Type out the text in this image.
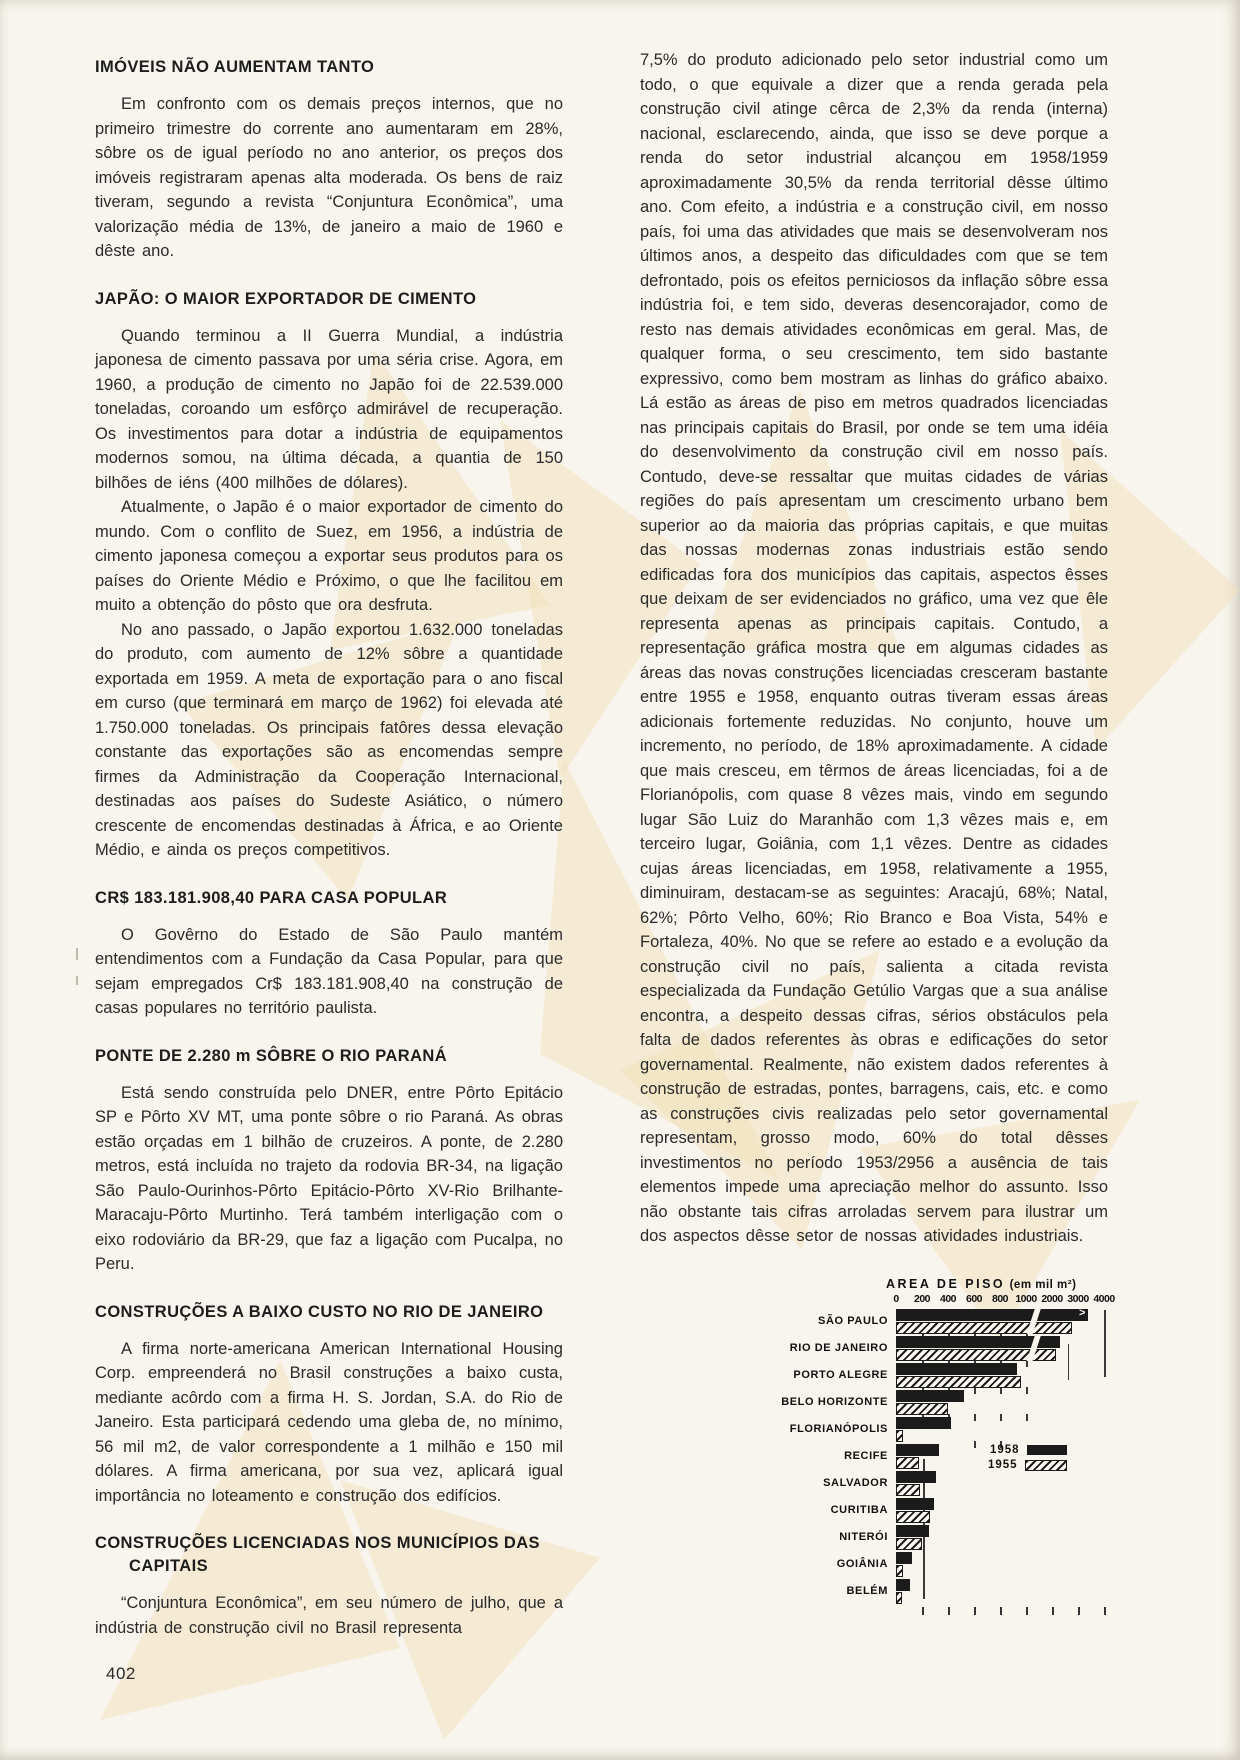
IMÓVEIS NÃO AUMENTAM TANTO

Em confronto com os demais preços internos, que no primeiro trimestre do corrente ano aumentaram em 28%, sôbre os de igual período no ano anterior, os preços dos imóveis registraram apenas alta moderada. Os bens de raiz tiveram, segundo a revista “Conjuntura Econômica”, uma valorização média de 13%, de janeiro a maio de 1960 e dêste ano.

JAPÃO: O MAIOR EXPORTADOR DE CIMENTO

Quando terminou a II Guerra Mundial, a indústria japonesa de cimento passava por uma séria crise. Agora, em 1960, a produção de cimento no Japão foi de 22.539.000 toneladas, coroando um esfôrço admirável de recuperação. Os investimentos para dotar a indústria de equipamentos modernos somou, na última década, a quantia de 150 bilhões de iéns (400 milhões de dólares).

Atualmente, o Japão é o maior exportador de cimento do mundo. Com o conflito de Suez, em 1956, a indústria de cimento japonesa começou a exportar seus produtos para os países do Oriente Médio e Próximo, o que lhe facilitou em muito a obtenção do pôsto que ora desfruta.

No ano passado, o Japão exportou 1.632.000 toneladas do produto, com aumento de 12% sôbre a quantidade exportada em 1959. A meta de exportação para o ano fiscal em curso (que terminará em março de 1962) foi elevada até 1.750.000 toneladas. Os principais fatôres dessa elevação constante das exportações são as encomendas sempre firmes da Administração da Cooperação Internacional, destinadas aos países do Sudeste Asiático, o número crescente de encomendas destinadas à África, e ao Oriente Médio, e ainda os preços competitivos.

CR$ 183.181.908,40 PARA CASA POPULAR

O Govêrno do Estado de São Paulo mantém entendimentos com a Fundação da Casa Popular, para que sejam empregados Cr$ 183.181.908,40 na construção de casas populares no território paulista.

PONTE DE 2.280 m SÔBRE O RIO PARANÁ

Está sendo construída pelo DNER, entre Pôrto Epitácio SP e Pôrto XV MT, uma ponte sôbre o rio Paraná. As obras estão orçadas em 1 bilhão de cruzeiros. A ponte, de 2.280 metros, está incluída no trajeto da rodovia BR-34, na ligação São Paulo-Ourinhos-Pôrto Epitácio-Pôrto XV-Rio Brilhante-Maracaju-Pôrto Murtinho. Terá também interligação com o eixo rodoviário da BR-29, que faz a ligação com Pucalpa, no Peru.

CONSTRUÇÕES A BAIXO CUSTO NO RIO DE JANEIRO

A firma norte-americana American International Housing Corp. empreenderá no Brasil construções a baixo custa, mediante acôrdo com a firma H. S. Jordan, S.A. do Rio de Janeiro. Esta participará cedendo uma gleba de, no mínimo, 56 mil m2, de valor correspondente a 1 milhão e 150 mil dólares. A firma americana, por sua vez, aplicará igual importância no loteamento e construção dos edifícios.

CONSTRUÇÕES LICENCIADAS NOS MUNICÍPIOS DAS CAPITAIS

“Conjuntura Econômica”, em seu número de julho, que a indústria de construção civil no Brasil representa

7,5% do produto adicionado pelo setor industrial como um todo, o que equivale a dizer que a renda gerada pela construção civil atinge cêrca de 2,3% da renda (interna) nacional, esclarecendo, ainda, que isso se deve porque a renda do setor industrial alcançou em 1958/1959 aproximadamente 30,5% da renda territorial dêsse último ano. Com efeito, a indústria e a construção civil, em nosso país, foi uma das atividades que mais se desenvolveram nos últimos anos, a despeito das dificuldades com que se tem defrontado, pois os efeitos perniciosos da inflação sôbre essa indústria foi, e tem sido, deveras desencorajador, como de resto nas demais atividades econômicas em geral. Mas, de qualquer forma, o seu crescimento, tem sido bastante expressivo, como bem mostram as linhas do gráfico abaixo. Lá estão as áreas de piso em metros quadrados licenciadas nas principais capitais do Brasil, por onde se tem uma idéia do desenvolvimento da construção civil em nosso país. Contudo, deve-se ressaltar que muitas cidades de várias regiões do país apresentam um crescimento urbano bem superior ao da maioria das próprias capitais, e que muitas das nossas modernas zonas industriais estão sendo edificadas fora dos municípios das capitais, aspectos êsses que deixam de ser evidenciados no gráfico, uma vez que êle representa apenas as principais capitais. Contudo, a representação gráfica mostra que em algumas cidades as áreas das novas construções licenciadas cresceram bastante entre 1955 e 1958, enquanto outras tiveram essas áreas adicionais fortemente reduzidas. No conjunto, houve um incremento, no período, de 18% aproximadamente. A cidade que mais cresceu, em têrmos de áreas licenciadas, foi a de Florianópolis, com quase 8 vêzes mais, vindo em segundo lugar São Luiz do Maranhão com 1,3 vêzes mais e, em terceiro lugar, Goiânia, com 1,1 vêzes. Dentre as cidades cujas áreas licenciadas, em 1958, relativamente a 1955, diminuiram, destacam-se as seguintes: Aracajú, 68%; Natal, 62%; Pôrto Velho, 60%; Rio Branco e Boa Vista, 54% e Fortaleza, 40%. No que se refere ao estado e a evolução da construção civil no país, salienta a citada revista especializada da Fundação Getúlio Vargas que a sua análise encontra, a despeito dessas cifras, sérios obstáculos pela falta de dados referentes às obras e edificações do setor governamental. Realmente, não existem dados referentes à construção de estradas, pontes, barragens, cais, etc. e como as construções civis realizadas pelo setor governamental representam, grosso modo, 60% do total dêsses investimentos no período 1953/2956 a ausência de tais elementos impede uma apreciação melhor do assunto. Isso não obstante tais cifras arroladas servem para ilustrar um dos aspectos dêsse setor de nossas atividades industriais.

AREA DE PISO (em mil m²)
0	200 400 600 800 1000 2000 3000 4000
SÃO PAULO
>
RIO DE JANEIRO
PORTO ALEGRE
BELO HORIZONTE
FLORIANÓPOLIS
RECIFE
SALVADOR
CURITIBA
NITERÓI
GOIÂNIA
BELÉM
1958
1955
402
